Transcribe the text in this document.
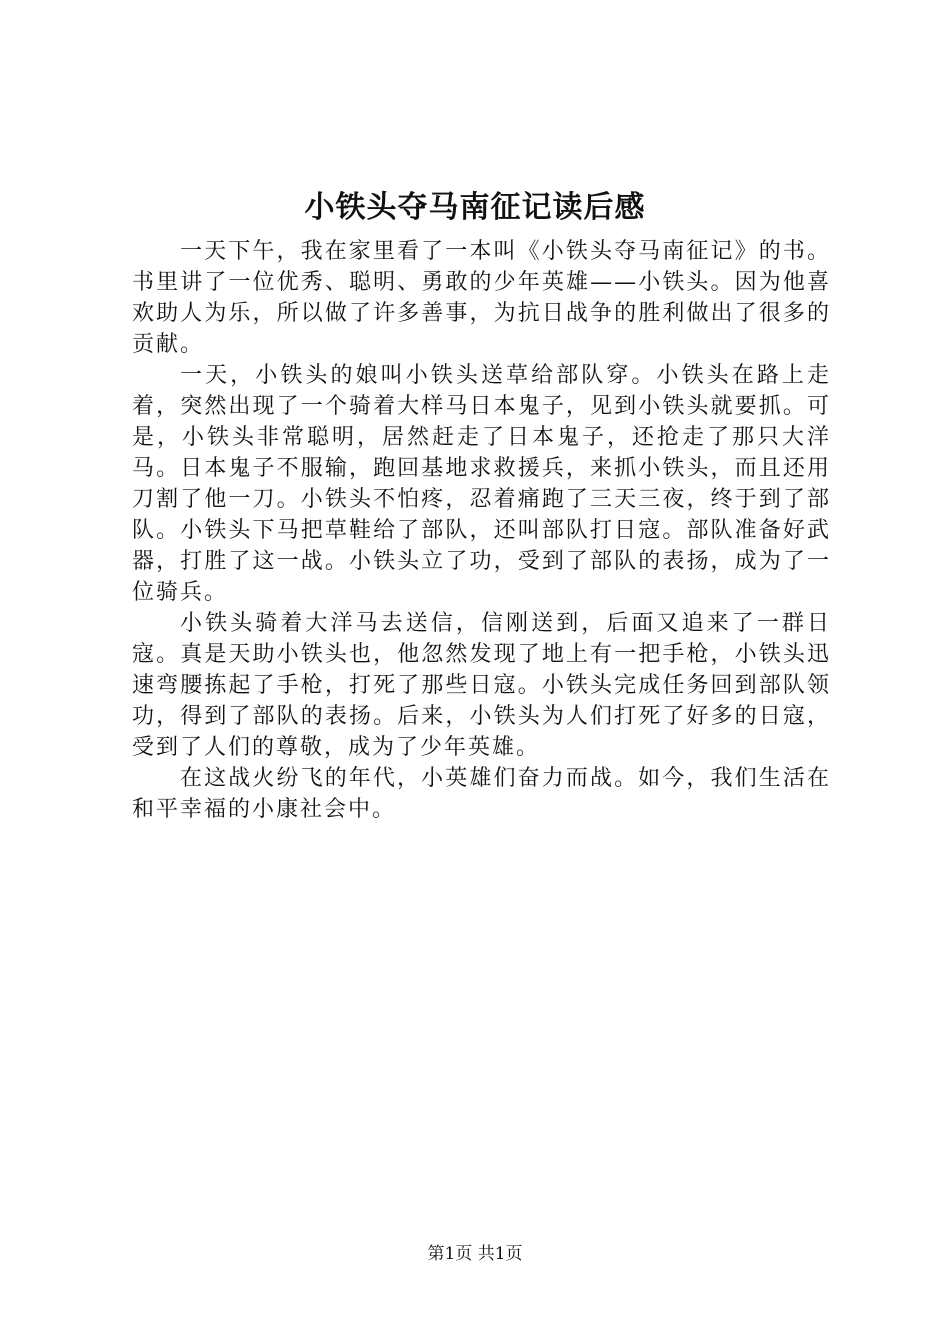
小铁头夺马南征记读后感

一天下午，我在家里看了一本叫《小铁头夺马南征记》的书。书里讲了一位优秀、聪明、勇敢的少年英雄——小铁头。因为他喜欢助人为乐，所以做了许多善事，为抗日战争的胜利做出了很多的贡献。

一天，小铁头的娘叫小铁头送草给部队穿。小铁头在路上走着，突然出现了一个骑着大样马日本鬼子，见到小铁头就要抓。可是，小铁头非常聪明，居然赶走了日本鬼子，还抢走了那只大洋马。日本鬼子不服输，跑回基地求救援兵，来抓小铁头，而且还用刀割了他一刀。小铁头不怕疼，忍着痛跑了三天三夜，终于到了部队。小铁头下马把草鞋给了部队，还叫部队打日寇。部队准备好武器，打胜了这一战。小铁头立了功，受到了部队的表扬，成为了一位骑兵。

小铁头骑着大洋马去送信，信刚送到，后面又追来了一群日寇。真是天助小铁头也，他忽然发现了地上有一把手枪，小铁头迅速弯腰拣起了手枪，打死了那些日寇。小铁头完成任务回到部队领功，得到了部队的表扬。后来，小铁头为人们打死了好多的日寇，受到了人们的尊敬，成为了少年英雄。

在这战火纷飞的年代，小英雄们奋力而战。如今，我们生活在和平幸福的小康社会中。

第1页 共1页
